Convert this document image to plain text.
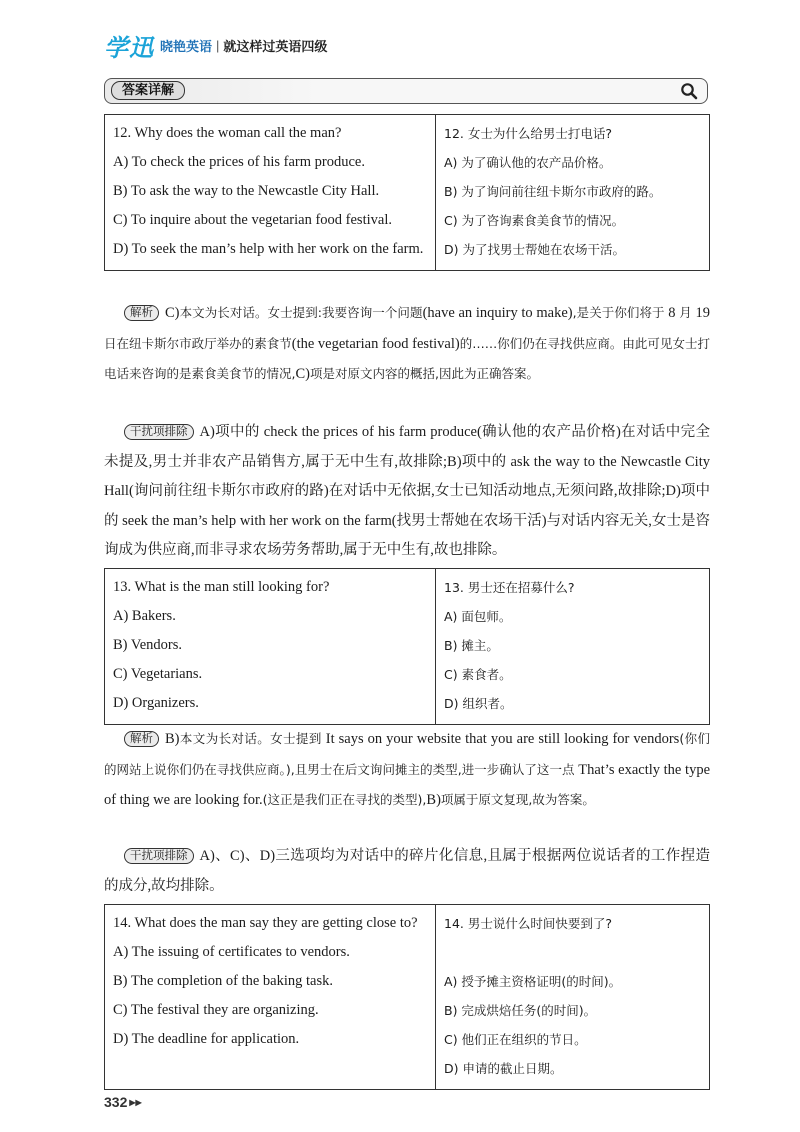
学迅 晓艳英语 | 就这样过英语四级
答案详解
12. Why does the woman call the man?
A) To check the prices of his farm produce.
B) To ask the way to the Newcastle City Hall.
C) To inquire about the vegetarian food festival.
D) To seek the man’s help with her work on the farm.

12. 女士为什么给男士打电话?
A) 为了确认他的农产品价格。
B) 为了询问前往纽卡斯尔市政府的路。
C) 为了咨询素食美食节的情况。
D) 为了找男士帮她在农场干活。
解析 C)本文为长对话。女士提到:我要咨询一个问题(have an inquiry to make),是关于你们将于 8 月 19 日在纽卡斯尔市政厅举办的素食节(the vegetarian food festival)的……你们仍在寻找供应商。由此可见女士打电话来咨询的是素食美食节的情况,C)项是对原文内容的概括,因此为正确答案。
干扰项排除 A)项中的 check the prices of his farm produce(确认他的农产品价格)在对话中完全未提及,男士并非农产品销售方,属于无中生有,故排除;B)项中的 ask the way to the Newcastle City Hall(询问前往纽卡斯尔市政府的路)在对话中无依据,女士已知活动地点,无须问路,故排除;D)项中的 seek the man’s help with her work on the farm(找男士帮她在农场干活)与对话内容无关,女士是咨询成为供应商,而非寻求农场劳务帮助,属于无中生有,故也排除。
13. What is the man still looking for?
A) Bakers.
B) Vendors.
C) Vegetarians.
D) Organizers.

13. 男士还在招募什么?
A) 面包师。
B) 摊主。
C) 素食者。
D) 组织者。
解析 B)本文为长对话。女士提到 It says on your website that you are still looking for vendors(你们的网站上说你们仍在寻找供应商。),且男士在后文询问摊主的类型,进一步确认了这一点 That’s exactly the type of thing we are looking for.(这正是我们正在寻找的类型),B)项属于原文复现,故为答案。
干扰项排除 A)、C)、D)三选项均为对话中的碎片化信息,且属于根据两位说话者的工作捏造的成分,故均排除。
14. What does the man say they are getting close to?
A) The issuing of certificates to vendors.
B) The completion of the baking task.
C) The festival they are organizing.
D) The deadline for application.

14. 男士说什么时间快要到了?
A) 授予摊主资格证明(的时间)。
B) 完成烘焙任务(的时间)。
C) 他们正在组织的节日。
D) 申请的截止日期。
332 ▶▶
